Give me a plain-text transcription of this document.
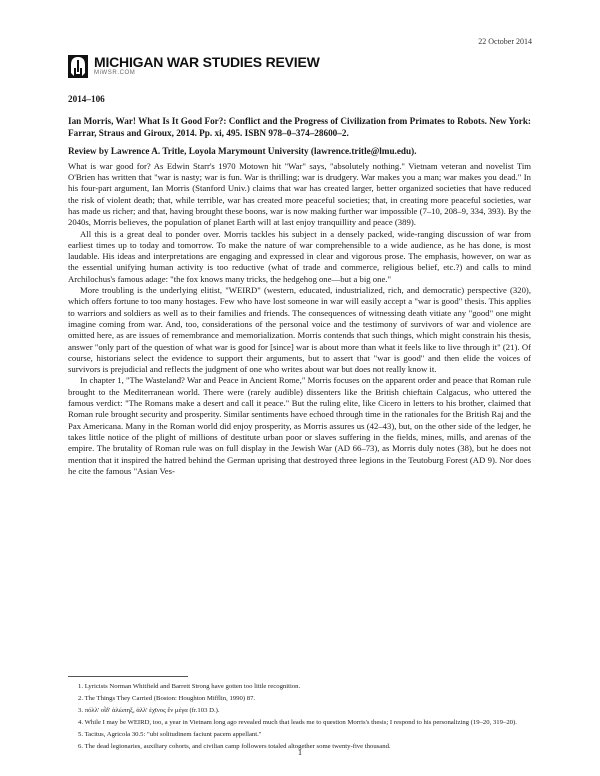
22 October 2014
MICHIGAN WAR STUDIES REVIEW
MiWSR.COM
2014–106
Ian Morris, War! What Is It Good For?: Conflict and the Progress of Civilization from Primates to Robots. New York: Farrar, Straus and Giroux, 2014. Pp. xi, 495. ISBN 978–0–374–28600–2.
Review by Lawrence A. Tritle, Loyola Marymount University (lawrence.tritle@lmu.edu).

What is war good for? As Edwin Starr's 1970 Motown hit "War" says, "absolutely nothing." Vietnam veteran and novelist Tim O'Brien has written that "war is nasty; war is fun. War is thrilling; war is drudgery. War makes you a man; war makes you dead." In his four-part argument, Ian Morris (Stanford Univ.) claims that war has created larger, better organized societies that have reduced the risk of violent death; that, while terrible, war has created more peaceful societies; that, in creating more peaceful societies, war has made us richer; and that, having brought these boons, war is now making further war impossible (7–10, 208–9, 334, 393). By the 2040s, Morris believes, the population of planet Earth will at last enjoy tranquillity and peace (389).

All this is a great deal to ponder over. Morris tackles his subject in a densely packed, wide-ranging discussion of war from earliest times up to today and tomorrow. To make the nature of war comprehensible to a wide audience, as he has done, is most laudable. His ideas and interpretations are engaging and expressed in clear and vigorous prose. The emphasis, however, on war as the essential unifying human activity is too reductive (what of trade and commerce, religious belief, etc.?) and calls to mind Archilochus's famous adage: "the fox knows many tricks, the hedgehog one—but a big one."

More troubling is the underlying elitist, "WEIRD" (western, educated, industrialized, rich, and democratic) perspective (320), which offers fortune to too many hostages. Few who have lost someone in war will easily accept a "war is good" thesis. This applies to warriors and soldiers as well as to their families and friends. The consequences of witnessing death vitiate any "good" one might imagine coming from war. And, too, considerations of the personal voice and the testimony of survivors of war and violence are omitted here, as are issues of remembrance and memorialization. Morris contends that such things, which might constrain his thesis, answer "only part of the question of what war is good for [since] war is about more than what it feels like to live through it" (21). Of course, historians select the evidence to support their arguments, but to assert that "war is good" and then elide the voices of survivors is prejudicial and reflects the judgment of one who writes about war but does not really know it.

In chapter 1, "The Wasteland? War and Peace in Ancient Rome," Morris focuses on the apparent order and peace that Roman rule brought to the Mediterranean world. There were (rarely audible) dissenters like the British chieftain Calgacus, who uttered the famous verdict: "The Romans make a desert and call it peace." But the ruling elite, like Cicero in letters to his brother, claimed that Roman rule brought security and prosperity. Similar sentiments have echoed through time in the rationales for the British Raj and the Pax Americana. Many in the Roman world did enjoy prosperity, as Morris assures us (42–43), but, on the other side of the ledger, he takes little notice of the plight of millions of destitute urban poor or slaves suffering in the fields, mines, mills, and arenas of the empire. The brutality of Roman rule was on full display in the Jewish War (AD 66–73), as Morris duly notes (38), but he does not mention that it inspired the hatred behind the German uprising that destroyed three legions in the Teutoburg Forest (AD 9). Nor does he cite the famous "Asian Ves-

1. Lyricists Norman Whitfield and Barrett Strong have gotten too little recognition.
2. The Things They Carried (Boston: Houghton Mifflin, 1990) 87.
3. πόλλ' οἶδ' ἀλώπηξ, ἀλλ' ἐχῖνος ἓν μέγα (fr.103 D.).
4. While I may be WEIRD, too, a year in Vietnam long ago revealed much that leads me to question Morris's thesis; I respond to his personalizing (19–20, 319–20).
5. Tacitus, Agricola 30.5: "ubi solitudinem faciunt pacem appellant."
6. The dead legionaries, auxiliary cohorts, and civilian camp followers totaled altogether some twenty-five thousand.
1
